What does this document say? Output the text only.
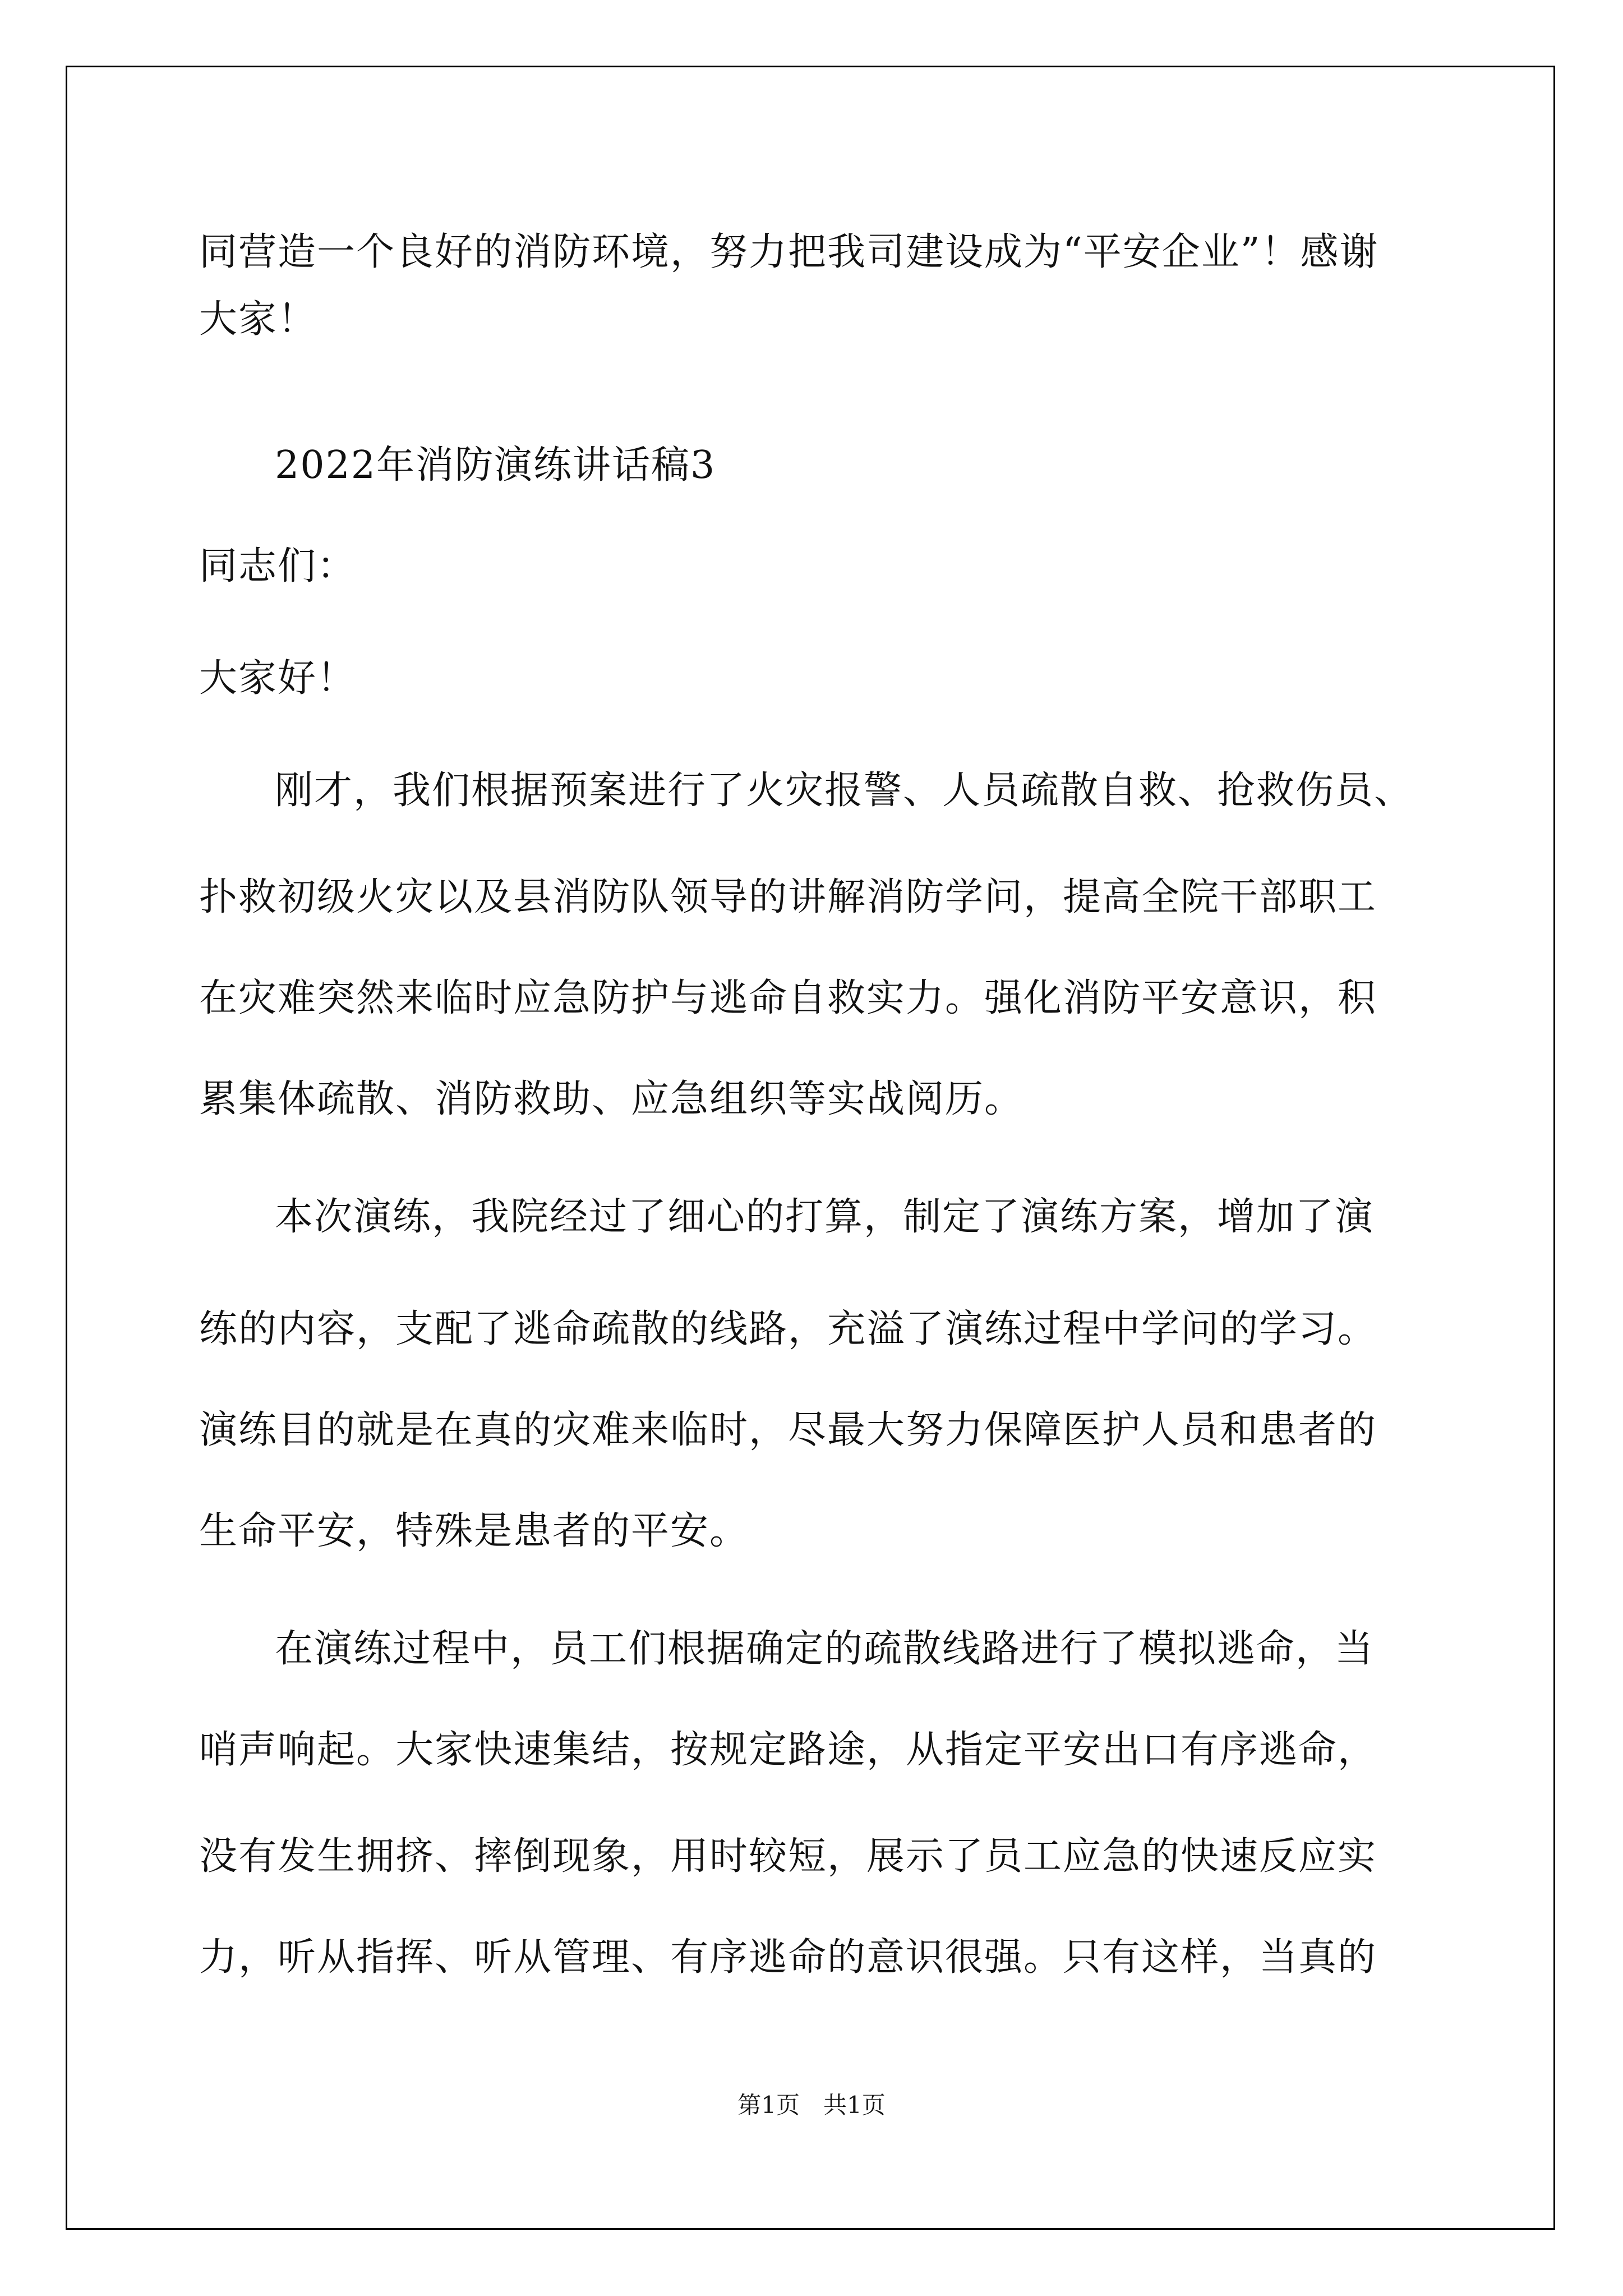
同营造一个良好的消防环境，努力把我司建设成为“平安企业”！感谢
大家！
2022年消防演练讲话稿3
同志们：
大家好！
刚才，我们根据预案进行了火灾报警、人员疏散自救、抢救伤员、
扑救初级火灾以及县消防队领导的讲解消防学问，提高全院干部职工
在灾难突然来临时应急防护与逃命自救实力。强化消防平安意识，积
累集体疏散、消防救助、应急组织等实战阅历。
本次演练，我院经过了细心的打算，制定了演练方案，增加了演
练的内容，支配了逃命疏散的线路，充溢了演练过程中学问的学习。
演练目的就是在真的灾难来临时，尽最大努力保障医护人员和患者的
生命平安，特殊是患者的平安。
在演练过程中，员工们根据确定的疏散线路进行了模拟逃命，当
哨声响起。大家快速集结，按规定路途，从指定平安出口有序逃命，
没有发生拥挤、摔倒现象，用时较短，展示了员工应急的快速反应实
力，听从指挥、听从管理、有序逃命的意识很强。只有这样，当真的
第1页　共1页
